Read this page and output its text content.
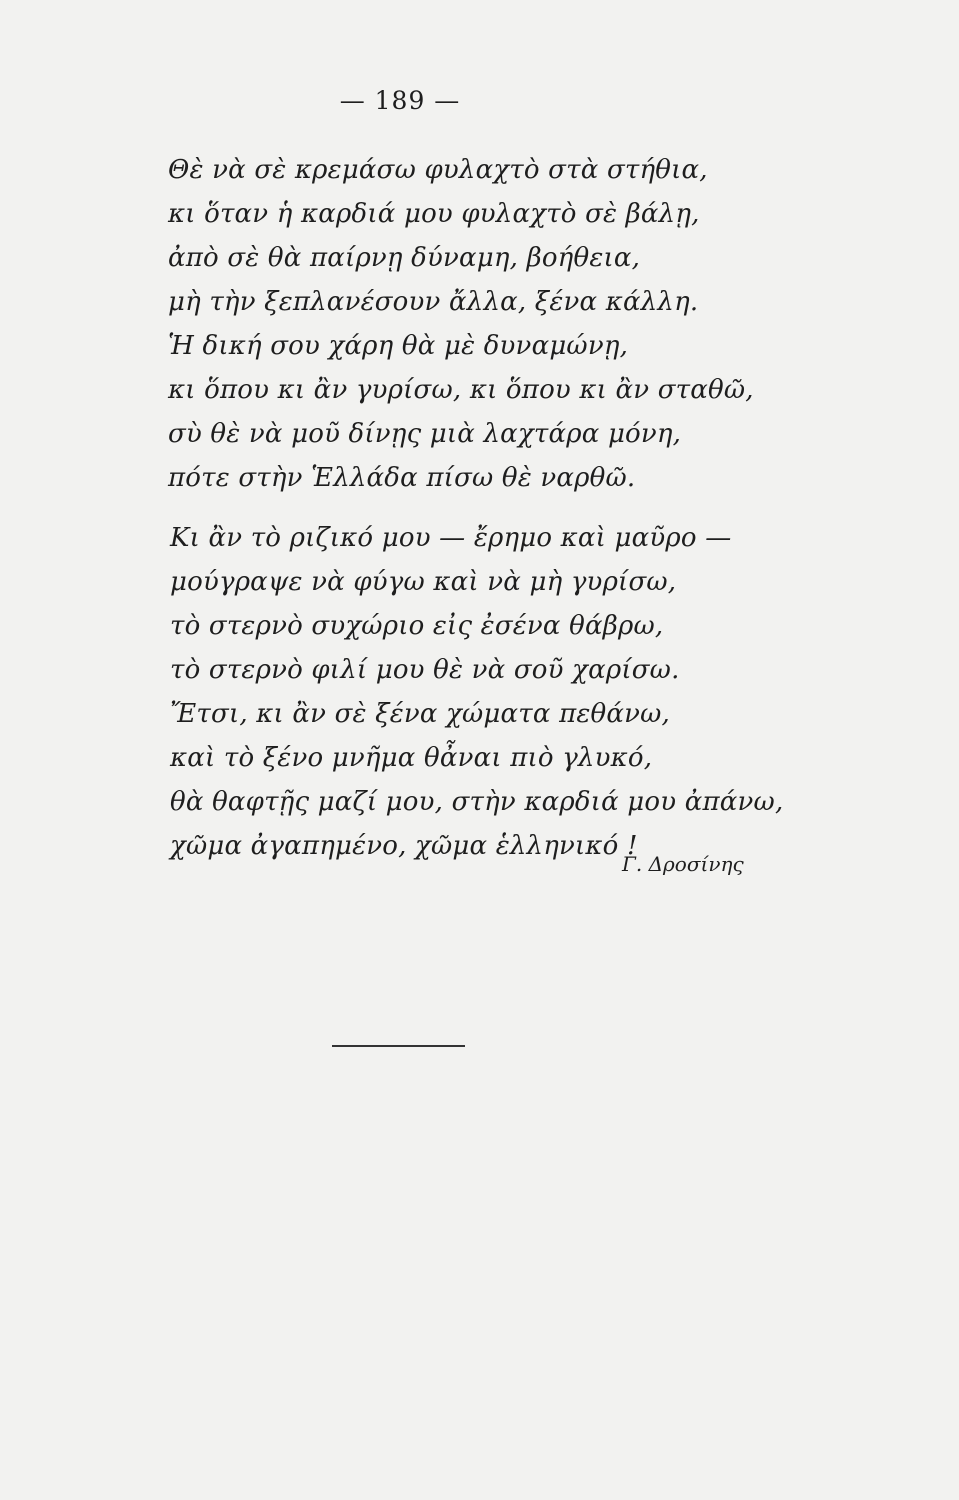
— 189 —
Θὲ νὰ σὲ κρεμάσω φυλαχτὸ στὰ στήθια,
κι ὅταν ἡ καρδιά μου φυλαχτὸ σὲ βάλῃ,
ἀπὸ σὲ θὰ παίρνῃ δύναμη, βοήθεια,
μὴ τὴν ξεπλανέσουν ἄλλα, ξένα κάλλη.
Ἡ δική σου χάρη θὰ μὲ δυναμώνῃ,
κι ὅπου κι ἂν γυρίσω, κι ὅπου κι ἂν σταθῶ,
σὺ θὲ νὰ μοῦ δίνῃς μιὰ λαχτάρα μόνη,
πότε στὴν Ἑλλάδα πίσω θὲ ναρθῶ.
Κι ἂν τὸ ριζικό μου — ἔρημο καὶ μαῦρο —
μούγραψε νὰ φύγω καὶ νὰ μὴ γυρίσω,
τὸ στερνὸ συχώριο εἰς ἐσένα θάβρω,
τὸ στερνὸ φιλί μου θὲ νὰ σοῦ χαρίσω.
Ἔτσι, κι ἂν σὲ ξένα χώματα πεθάνω,
καὶ τὸ ξένο μνῆμα θἆναι πιὸ γλυκό,
θὰ θαφτῇς μαζί μου, στὴν καρδιά μου ἀπάνω,
χῶμα ἀγαπημένο, χῶμα ἑλληνικό !
Γ. Δροσίνης
